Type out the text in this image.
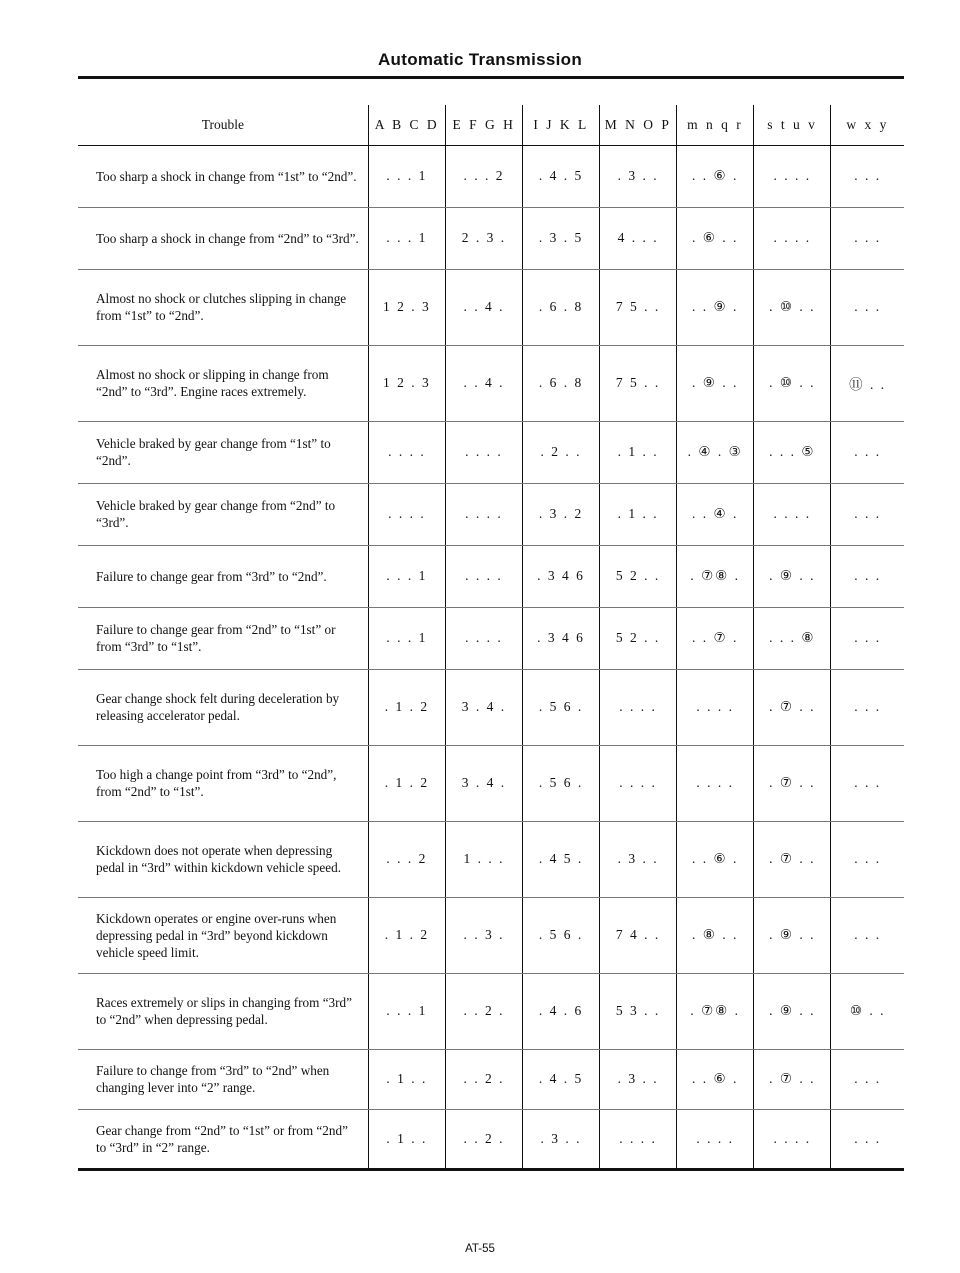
Automatic Transmission
Trouble	A B C D	E F G H	I J K L	M N O P	m n q r	s t u v	w x y
Too sharp a shock in change from “1st” to “2nd”.	. . . 1	. . . 2	. 4 . 5	. 3 . .	. . ⑥ .	. . . .	. . .
Too sharp a shock in change from “2nd” to “3rd”.	. . . 1	2 . 3 .	. 3 . 5	4 . . .	. ⑥ . .	. . . .	. . .
Almost no shock or clutches slipping in change from “1st” to “2nd”.	1 2 . 3	. . 4 .	. 6 . 8	7 5 . .	. . ⑨ .	. ⑩ . .	. . .
Almost no shock or slipping in change from “2nd” to “3rd”. Engine races extremely.	1 2 . 3	. . 4 .	. 6 . 8	7 5 . .	. ⑨ . .	. ⑩ . .	⑪ . .
Vehicle braked by gear change from “1st” to “2nd”.	. . . .	. . . .	. 2 . .	. 1 . .	. ④ . ③	. . . ⑤	. . .
Vehicle braked by gear change from “2nd” to “3rd”.	. . . .	. . . .	. 3 . 2	. 1 . .	. . ④ .	. . . .	. . .
Failure to change gear from “3rd” to “2nd”.	. . . 1	. . . .	. 3 4 6	5 2 . .	. ⑦⑧ .	. ⑨ . .	. . .
Failure to change gear from “2nd” to “1st” or from “3rd” to “1st”.	. . . 1	. . . .	. 3 4 6	5 2 . .	. . ⑦ .	. . . ⑧	. . .
Gear change shock felt during deceleration by releasing accelerator pedal.	. 1 . 2	3 . 4 .	. 5 6 .	. . . .	. . . .	. ⑦ . .	. . .
Too high a change point from “3rd” to “2nd”, from “2nd” to “1st”.	. 1 . 2	3 . 4 .	. 5 6 .	. . . .	. . . .	. ⑦ . .	. . .
Kickdown does not operate when depressing pedal in “3rd” within kickdown vehicle speed.	. . . 2	1 . . .	. 4 5 .	. 3 . .	. . ⑥ .	. ⑦ . .	. . .
Kickdown operates or engine over-runs when depressing pedal in “3rd” beyond kickdown vehicle speed limit.	. 1 . 2	. . 3 .	. 5 6 .	7 4 . .	. ⑧ . .	. ⑨ . .	. . .
Races extremely or slips in changing from “3rd” to “2nd” when depressing pedal.	. . . 1	. . 2 .	. 4 . 6	5 3 . .	. ⑦⑧ .	. ⑨ . .	⑩ . .
Failure to change from “3rd” to “2nd” when changing lever into “2” range.	. 1 . .	. . 2 .	. 4 . 5	. 3 . .	. . ⑥ .	. ⑦ . .	. . .
Gear change from “2nd” to “1st” or from “2nd” to “3rd” in “2” range.	. 1 . .	. . 2 .	. 3 . .	. . . .	. . . .	. . . .	. . .
AT-55
